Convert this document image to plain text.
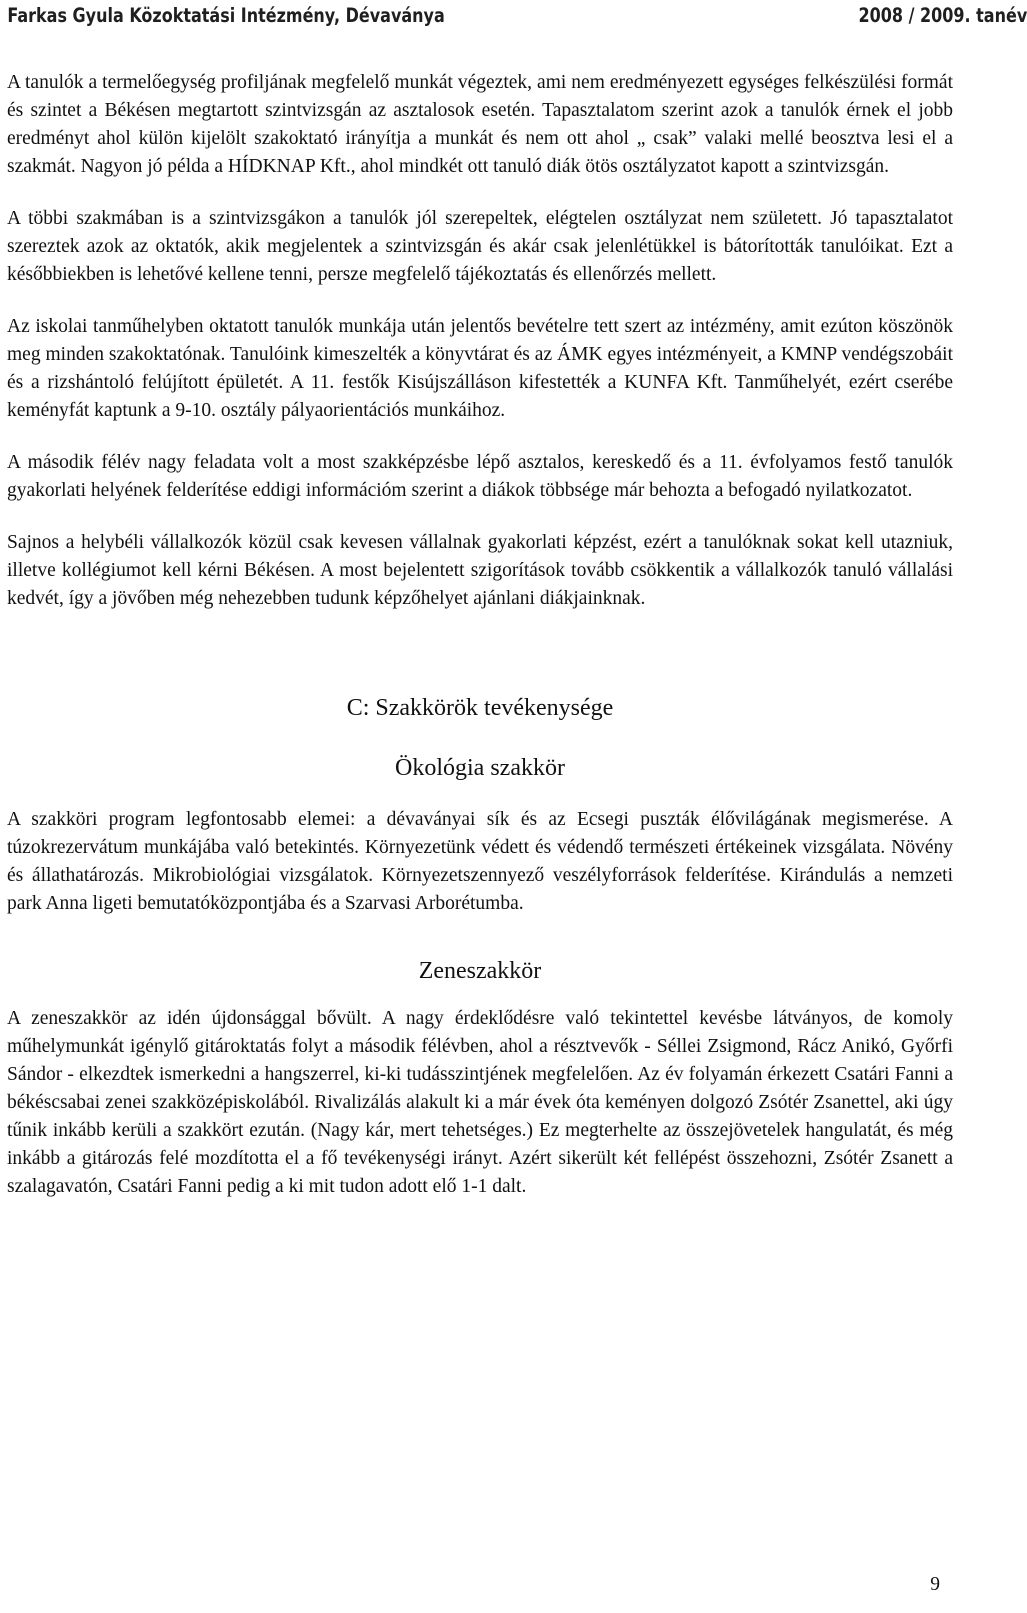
Farkas Gyula Közoktatási Intézmény, Dévaványa	2008 / 2009. tanév

A tanulók a termelőegység profiljának megfelelő munkát végeztek, ami nem eredményezett egységes felkészülési formát és szintet a Békésen megtartott szintvizsgán az asztalosok esetén. Tapasztalatom szerint azok a tanulók érnek el jobb eredményt ahol külön kijelölt szakoktató irányítja a munkát és nem ott ahol „ csak” valaki mellé beosztva lesi el a szakmát. Nagyon jó példa a HÍDKNAP Kft., ahol mindkét ott tanuló diák ötös osztályzatot kapott a szintvizsgán.

A többi szakmában is a szintvizsgákon a tanulók jól szerepeltek, elégtelen osztályzat nem született. Jó tapasztalatot szereztek azok az oktatók, akik megjelentek a szintvizsgán és akár csak jelenlétükkel is bátorították tanulóikat. Ezt a későbbiekben is lehetővé kellene tenni, persze megfelelő tájékoztatás és ellenőrzés mellett.

Az iskolai tanműhelyben oktatott tanulók munkája után jelentős bevételre tett szert az intézmény, amit ezúton köszönök meg minden szakoktatónak. Tanulóink kimeszelték a könyvtárat és az ÁMK egyes intézményeit, a KMNP vendégszobáit és a rizshántoló felújított épületét. A 11. festők Kisújszálláson kifestették a KUNFA Kft. Tanműhelyét, ezért cserébe keményfát kaptunk a 9-10. osztály pályaorientációs munkáihoz.

A második félév nagy feladata volt a most szakképzésbe lépő asztalos, kereskedő és a 11. évfolyamos festő tanulók gyakorlati helyének felderítése eddigi információm szerint a diákok többsége már behozta a befogadó nyilatkozatot.

Sajnos a helybéli vállalkozók közül csak kevesen vállalnak gyakorlati képzést, ezért a tanulóknak sokat kell utazniuk, illetve kollégiumot kell kérni Békésen. A most bejelentett szigorítások tovább csökkentik a vállalkozók tanuló vállalási kedvét, így a jövőben még nehezebben tudunk képzőhelyet ajánlani diákjainknak.

C: Szakkörök tevékenysége
Ökológia szakkör

A szakköri program legfontosabb elemei: a dévaványai sík és az Ecsegi puszták élővilágának megismerése. A túzokrezervátum munkájába való betekintés. Környezetünk védett és védendő természeti értékeinek vizsgálata. Növény és állathatározás. Mikrobiológiai vizsgálatok. Környezetszennyező veszélyforrások felderítése. Kirándulás a nemzeti park Anna ligeti bemutatóközpontjába és a Szarvasi Arborétumba.

Zeneszakkör

A zeneszakkör az idén újdonsággal bővült. A nagy érdeklődésre való tekintettel kevésbe látványos, de komoly műhelymunkát igénylő gitároktatás folyt a második félévben, ahol a résztvevők - Séllei Zsigmond, Rácz Anikó, Győrfi Sándor - elkezdtek ismerkedni a hangszerrel, ki-ki tudásszintjének megfelelően. Az év folyamán érkezett Csatári Fanni a békéscsabai zenei szakközépiskolából. Rivalizálás alakult ki a már évek óta keményen dolgozó Zsótér Zsanettel, aki úgy tűnik inkább kerüli a szakkört ezután. (Nagy kár, mert tehetséges.) Ez megterhelte az összejövetelek hangulatát, és még inkább a gitározás felé mozdította el a fő tevékenységi irányt. Azért sikerült két fellépést összehozni, Zsótér Zsanett a szalagavatón, Csatári Fanni pedig a ki mit tudon adott elő 1-1 dalt.

9
